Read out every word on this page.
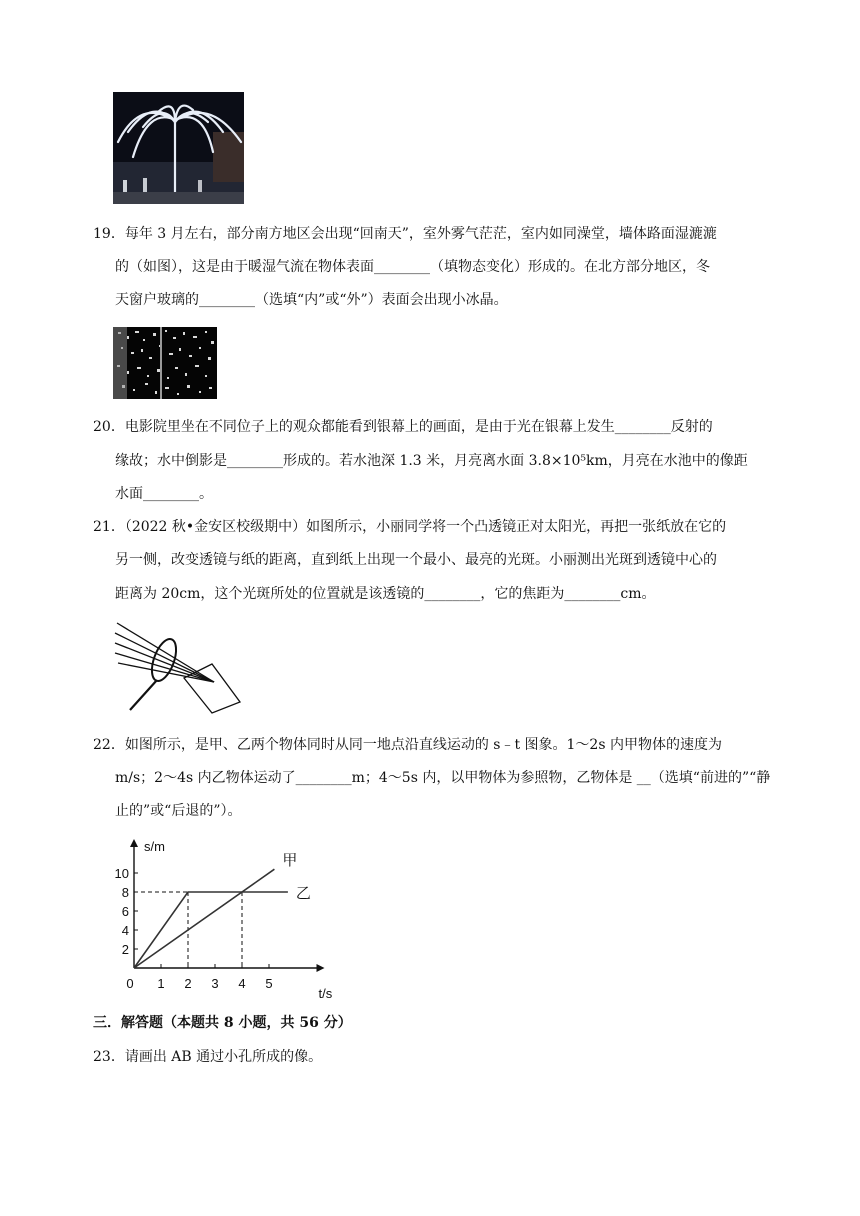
19．每年 3 月左右，部分南方地区会出现“回南天”，室外雾气茫茫，室内如同澡堂，墙体路面湿漉漉
的（如图），这是由于暖湿气流在物体表面________（填物态变化）形成的。在北方部分地区，冬
天窗户玻璃的________（选填“内”或“外”）表面会出现小冰晶。
20．电影院里坐在不同位子上的观众都能看到银幕上的画面，是由于光在银幕上发生________反射的
缘故；水中倒影是________形成的。若水池深 1.3 米，月亮离水面 3.8×10⁵km，月亮在水池中的像距
水面________。
21．（2022 秋•金安区校级期中）如图所示，小丽同学将一个凸透镜正对太阳光，再把一张纸放在它的
另一侧，改变透镜与纸的距离，直到纸上出现一个最小、最亮的光斑。小丽测出光斑到透镜中心的
距离为 20cm，这个光斑所处的位置就是该透镜的________，它的焦距为________cm。
22．如图所示，是甲、乙两个物体同时从同一地点沿直线运动的 s﹣t 图象。1～2s 内甲物体的速度为
m/s；2～4s 内乙物体运动了________m；4～5s 内，以甲物体为参照物，乙物体是 __（选填“前进的”“静
止的”或“后退的”）。
0 1 2 3 4 5
2
4
6
8
10
s/m
t/s
甲
乙
三．解答题（本题共 8 小题，共 56 分）
23．请画出 AB 通过小孔所成的像。
